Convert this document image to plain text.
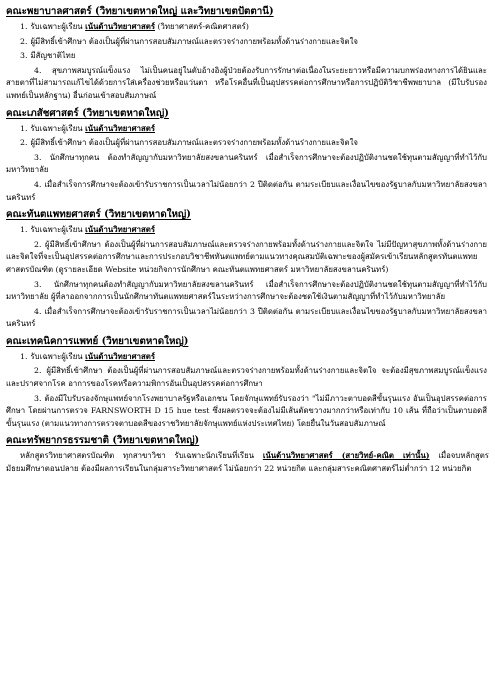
คณะพยาบาลศาสตร์ (วิทยาเขตหาดใหญ่ และวิทยาเขตปัตตานี)
1. รับเฉพาะผู้เรียน เน้นด้านวิทยาศาสตร์ (วิทยาศาสตร์-คณิตศาสตร์)
2. ผู้มีสิทธิ์เข้าศึกษา ต้องเป็นผู้ที่ผ่านการสอบสัมภาษณ์และตรวจร่างกายพร้อมทั้งด้านร่างกายและจิตใจ
3. มีสัญชาติไทย
4. สุขภาพสมบูรณ์แข็งแรง ไม่เป็นคนอยู่ในตับอ้างอิงผู้ป่วยต้องรับการรักษาต่อเนื่องในระยะยาวหรือมีความบกพร่องทางการได้ยินและสายตาที่ไม่สามารถแก้ไขได้ด้วยการใส่เครื่องช่วยหรือแว่นตา หรือโรคอื่นที่เป็นอุปสรรคต่อการศึกษาหรือการปฏิบัติวิชาชีพพยาบาล (มีใบรับรองแพทย์เป็นหลักฐาน) อื่นก่อนเข้าสอบสัมภาษณ์
คณะเภสัชศาสตร์ (วิทยาเขตหาดใหญ่)
1. รับเฉพาะผู้เรียน เน้นด้านวิทยาศาสตร์
2. ผู้มีสิทธิ์เข้าศึกษา ต้องเป็นผู้ที่ผ่านการสอบสัมภาษณ์และตรวจร่างกายพร้อมทั้งด้านร่างกายและจิตใจ
3. นักศึกษาทุกคน ต้องทำสัญญากับมหาวิทยาลัยสงขลานครินทร์ เมื่อสำเร็จการศึกษาจะต้องปฏิบัติงานชดใช้ทุนตามสัญญาที่ทำไว้กับมหาวิทยาลัย
4. เมื่อสำเร็จการศึกษาจะต้องเข้ารับราชการเป็นเวลาไม่น้อยกว่า 2 ปีติดต่อกัน ตามระเบียบและเงื่อนไขของรัฐบาลกับมหาวิทยาลัยสงขลานครินทร์
คณะทันตแพทยศาสตร์ (วิทยาเขตหาดใหญ่)
1. รับเฉพาะผู้เรียน เน้นด้านวิทยาศาสตร์
2. ผู้มีสิทธิ์เข้าศึกษา ต้องเป็นผู้ที่ผ่านการสอบสัมภาษณ์และตรวจร่างกายพร้อมทั้งด้านร่างกายและจิตใจ ไม่มีปัญหาสุขภาพทั้งด้านร่างกายและจิตใจที่จะเป็นอุปสรรคต่อการศึกษาและการประกอบวิชาชีพทันตแพทย์ตามแนวทางคุณสมบัติเฉพาะของผู้สมัครเข้าเรียนหลักสูตรทันตแพทยศาสตรบัณฑิต (ดูรายละเอียด Website หน่วยกิจการนักศึกษา คณะทันตแพทยศาสตร์ มหาวิทยาลัยสงขลานครินทร์)
3. นักศึกษาทุกคนต้องทำสัญญากับมหาวิทยาลัยสงขลานครินทร์ เมื่อสำเร็จการศึกษาจะต้องปฏิบัติงานชดใช้ทุนตามสัญญาที่ทำไว้กับมหาวิทยาลัย ผู้ที่ลาออกจากการเป็นนักศึกษาทันตแพทยศาสตร์ในระหว่างการศึกษาจะต้องชดใช้เงินตามสัญญาที่ทำไว้กับมหาวิทยาลัย
4. เมื่อสำเร็จการศึกษาจะต้องเข้ารับราชการเป็นเวลาไม่น้อยกว่า 3 ปีติดต่อกัน ตามระเบียบและเงื่อนไขของรัฐบาลกับมหาวิทยาลัยสงขลานครินทร์
คณะเทคนิคการแพทย์ (วิทยาเขตหาดใหญ่)
1. รับเฉพาะผู้เรียน เน้นด้านวิทยาศาสตร์
2. ผู้มีสิทธิ์เข้าศึกษา ต้องเป็นผู้ที่ผ่านการสอบสัมภาษณ์และตรวจร่างกายพร้อมทั้งด้านร่างกายและจิตใจ จะต้องมีสุขภาพสมบูรณ์แข็งแรงและปราศจากโรค อาการของโรคหรือความพิการอันเป็นอุปสรรคต่อการศึกษา
3. ต้องมีใบรับรองจักษุแพทย์จากโรงพยาบาลรัฐหรือเอกชน โดยจักษุแพทย์รับรองว่า "ไม่มีภาวะตาบอดสีขั้นรุนแรง อันเป็นอุปสรรคต่อการศึกษา โดยผ่านการตรวจ FARNSWORTH D 15 hue test ซึ่งผลตรวจจะต้องไม่มีเส้นตัดขวางมากกว่าหรือเท่ากับ 10 เส้น ที่ถือว่าเป็นตาบอดสีขั้นรุนแรง (ตามแนวทางการตรวจตาบอดสีของราชวิทยาลัยจักษุแพทย์แห่งประเทศไทย) โดยยื่นในวันสอบสัมภาษณ์
คณะทรัพยากรธรรมชาติ (วิทยาเขตหาดใหญ่)

หลักสูตรวิทยาศาสตรบัณฑิต ทุกสาขาวิชา รับเฉพาะนักเรียนที่เรียน เน้นด้านวิทยาศาสตร์ (สายวิทย์-คณิต เท่านั้น) เมื่อจบหลักสูตรมัธยมศึกษาตอนปลาย ต้องมีผลการเรียนในกลุ่มสาระวิทยาศาสตร์ ไม่น้อยกว่า 22 หน่วยกิต และกลุ่มสาระคณิตศาสตร์ไม่ต่ำกว่า 12 หน่วยกิต
